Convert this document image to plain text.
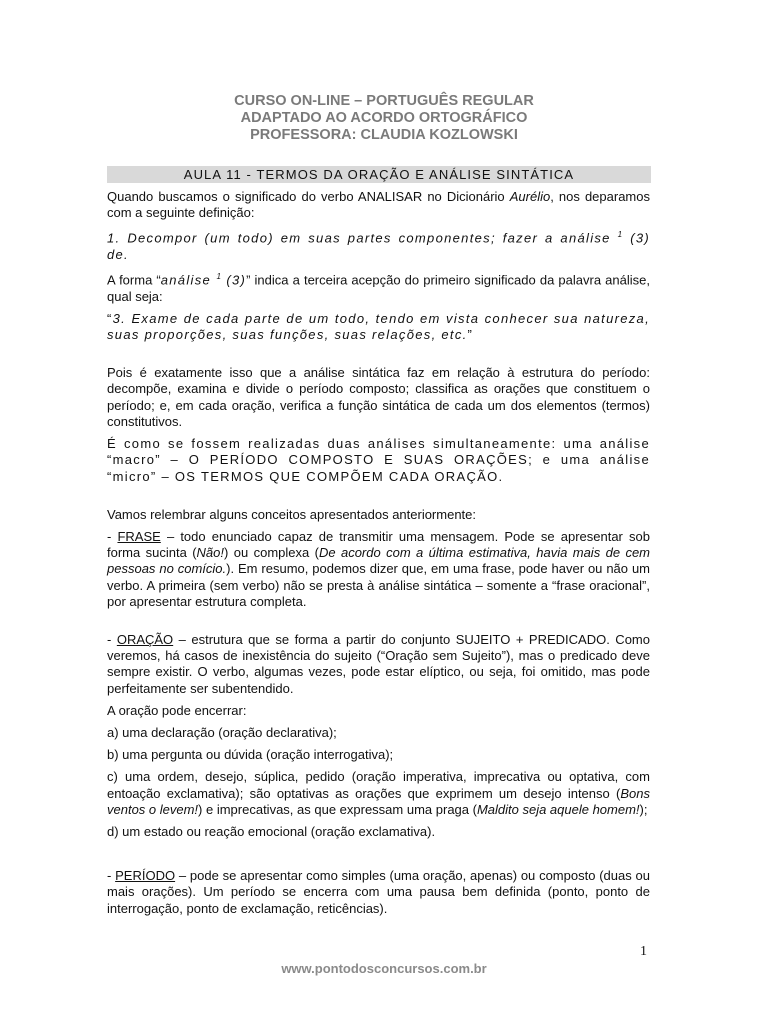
CURSO ON-LINE – PORTUGUÊS REGULAR
ADAPTADO AO ACORDO ORTOGRÁFICO
PROFESSORA: CLAUDIA KOZLOWSKI
AULA 11 - TERMOS DA ORAÇÃO E ANÁLISE SINTÁTICA

Quando buscamos o significado do verbo ANALISAR no Dicionário Aurélio, nos deparamos com a seguinte definição:

1. Decompor (um todo) em suas partes componentes; fazer a análise $^1$ (3) de.

A forma “análise $^1$ (3)” indica a terceira acepção do primeiro significado da palavra análise, qual seja:

“3. Exame de cada parte de um todo, tendo em vista conhecer sua natureza, suas proporções, suas funções, suas relações, etc.”

Pois é exatamente isso que a análise sintática faz em relação à estrutura do período: decompõe, examina e divide o período composto; classifica as orações que constituem o período; e, em cada oração, verifica a função sintática de cada um dos elementos (termos) constitutivos.

É como se fossem realizadas duas análises simultaneamente: uma análise “macro” – O PERÍODO COMPOSTO E SUAS ORAÇÕES; e uma análise “micro” – OS TERMOS QUE COMPÕEM CADA ORAÇÃO.

Vamos relembrar alguns conceitos apresentados anteriormente:

- FRASE – todo enunciado capaz de transmitir uma mensagem. Pode se apresentar sob forma sucinta (Não!) ou complexa (De acordo com a última estimativa, havia mais de cem pessoas no comício.). Em resumo, podemos dizer que, em uma frase, pode haver ou não um verbo. A primeira (sem verbo) não se presta à análise sintática – somente a “frase oracional”, por apresentar estrutura completa.

- ORAÇÃO – estrutura que se forma a partir do conjunto SUJEITO + PREDICADO. Como veremos, há casos de inexistência do sujeito (“Oração sem Sujeito”), mas o predicado deve sempre existir. O verbo, algumas vezes, pode estar elíptico, ou seja, foi omitido, mas pode perfeitamente ser subentendido.

A oração pode encerrar:

a) uma declaração (oração declarativa);

b) uma pergunta ou dúvida (oração interrogativa);

c) uma ordem, desejo, súplica, pedido (oração imperativa, imprecativa ou optativa, com entoação exclamativa); são optativas as orações que exprimem um desejo intenso (Bons ventos o levem!) e imprecativas, as que expressam uma praga (Maldito seja aquele homem!);

d) um estado ou reação emocional (oração exclamativa).

- PERÍODO – pode se apresentar como simples (uma oração, apenas) ou composto (duas ou mais orações). Um período se encerra com uma pausa bem definida (ponto, ponto de interrogação, ponto de exclamação, reticências).

1
www.pontodosconcursos.com.br
